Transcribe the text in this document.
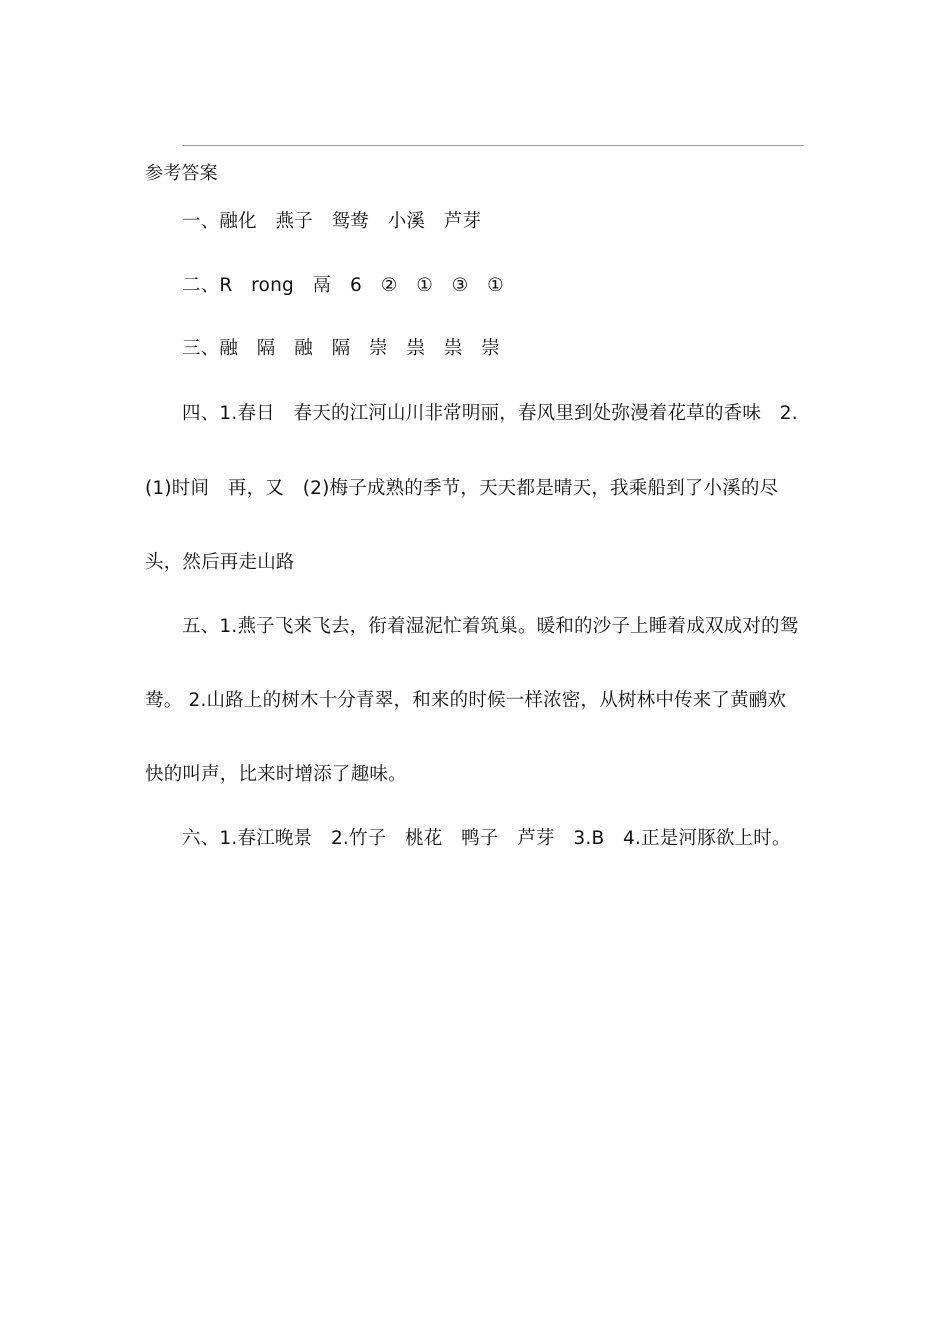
参考答案
一、融化　燕子　鸳鸯　小溪　芦芽
二、R　rong　鬲　6　②　①　③　①
三、融　隔　融　隔　崇　祟　祟　崇
四、1.春日　春天的江河山川非常明丽，春风里到处弥漫着花草的香味　2.
(1)时间　再，又　(2)梅子成熟的季节，天天都是晴天，我乘船到了小溪的尽
头，然后再走山路
五、1.燕子飞来飞去，衔着湿泥忙着筑巢。暖和的沙子上睡着成双成对的鸳
鸯。 2.山路上的树木十分青翠，和来的时候一样浓密，从树林中传来了黄鹂欢
快的叫声，比来时增添了趣味。
六、1.春江晚景　2.竹子　桃花　鸭子　芦芽　3.B　4.正是河豚欲上时。
